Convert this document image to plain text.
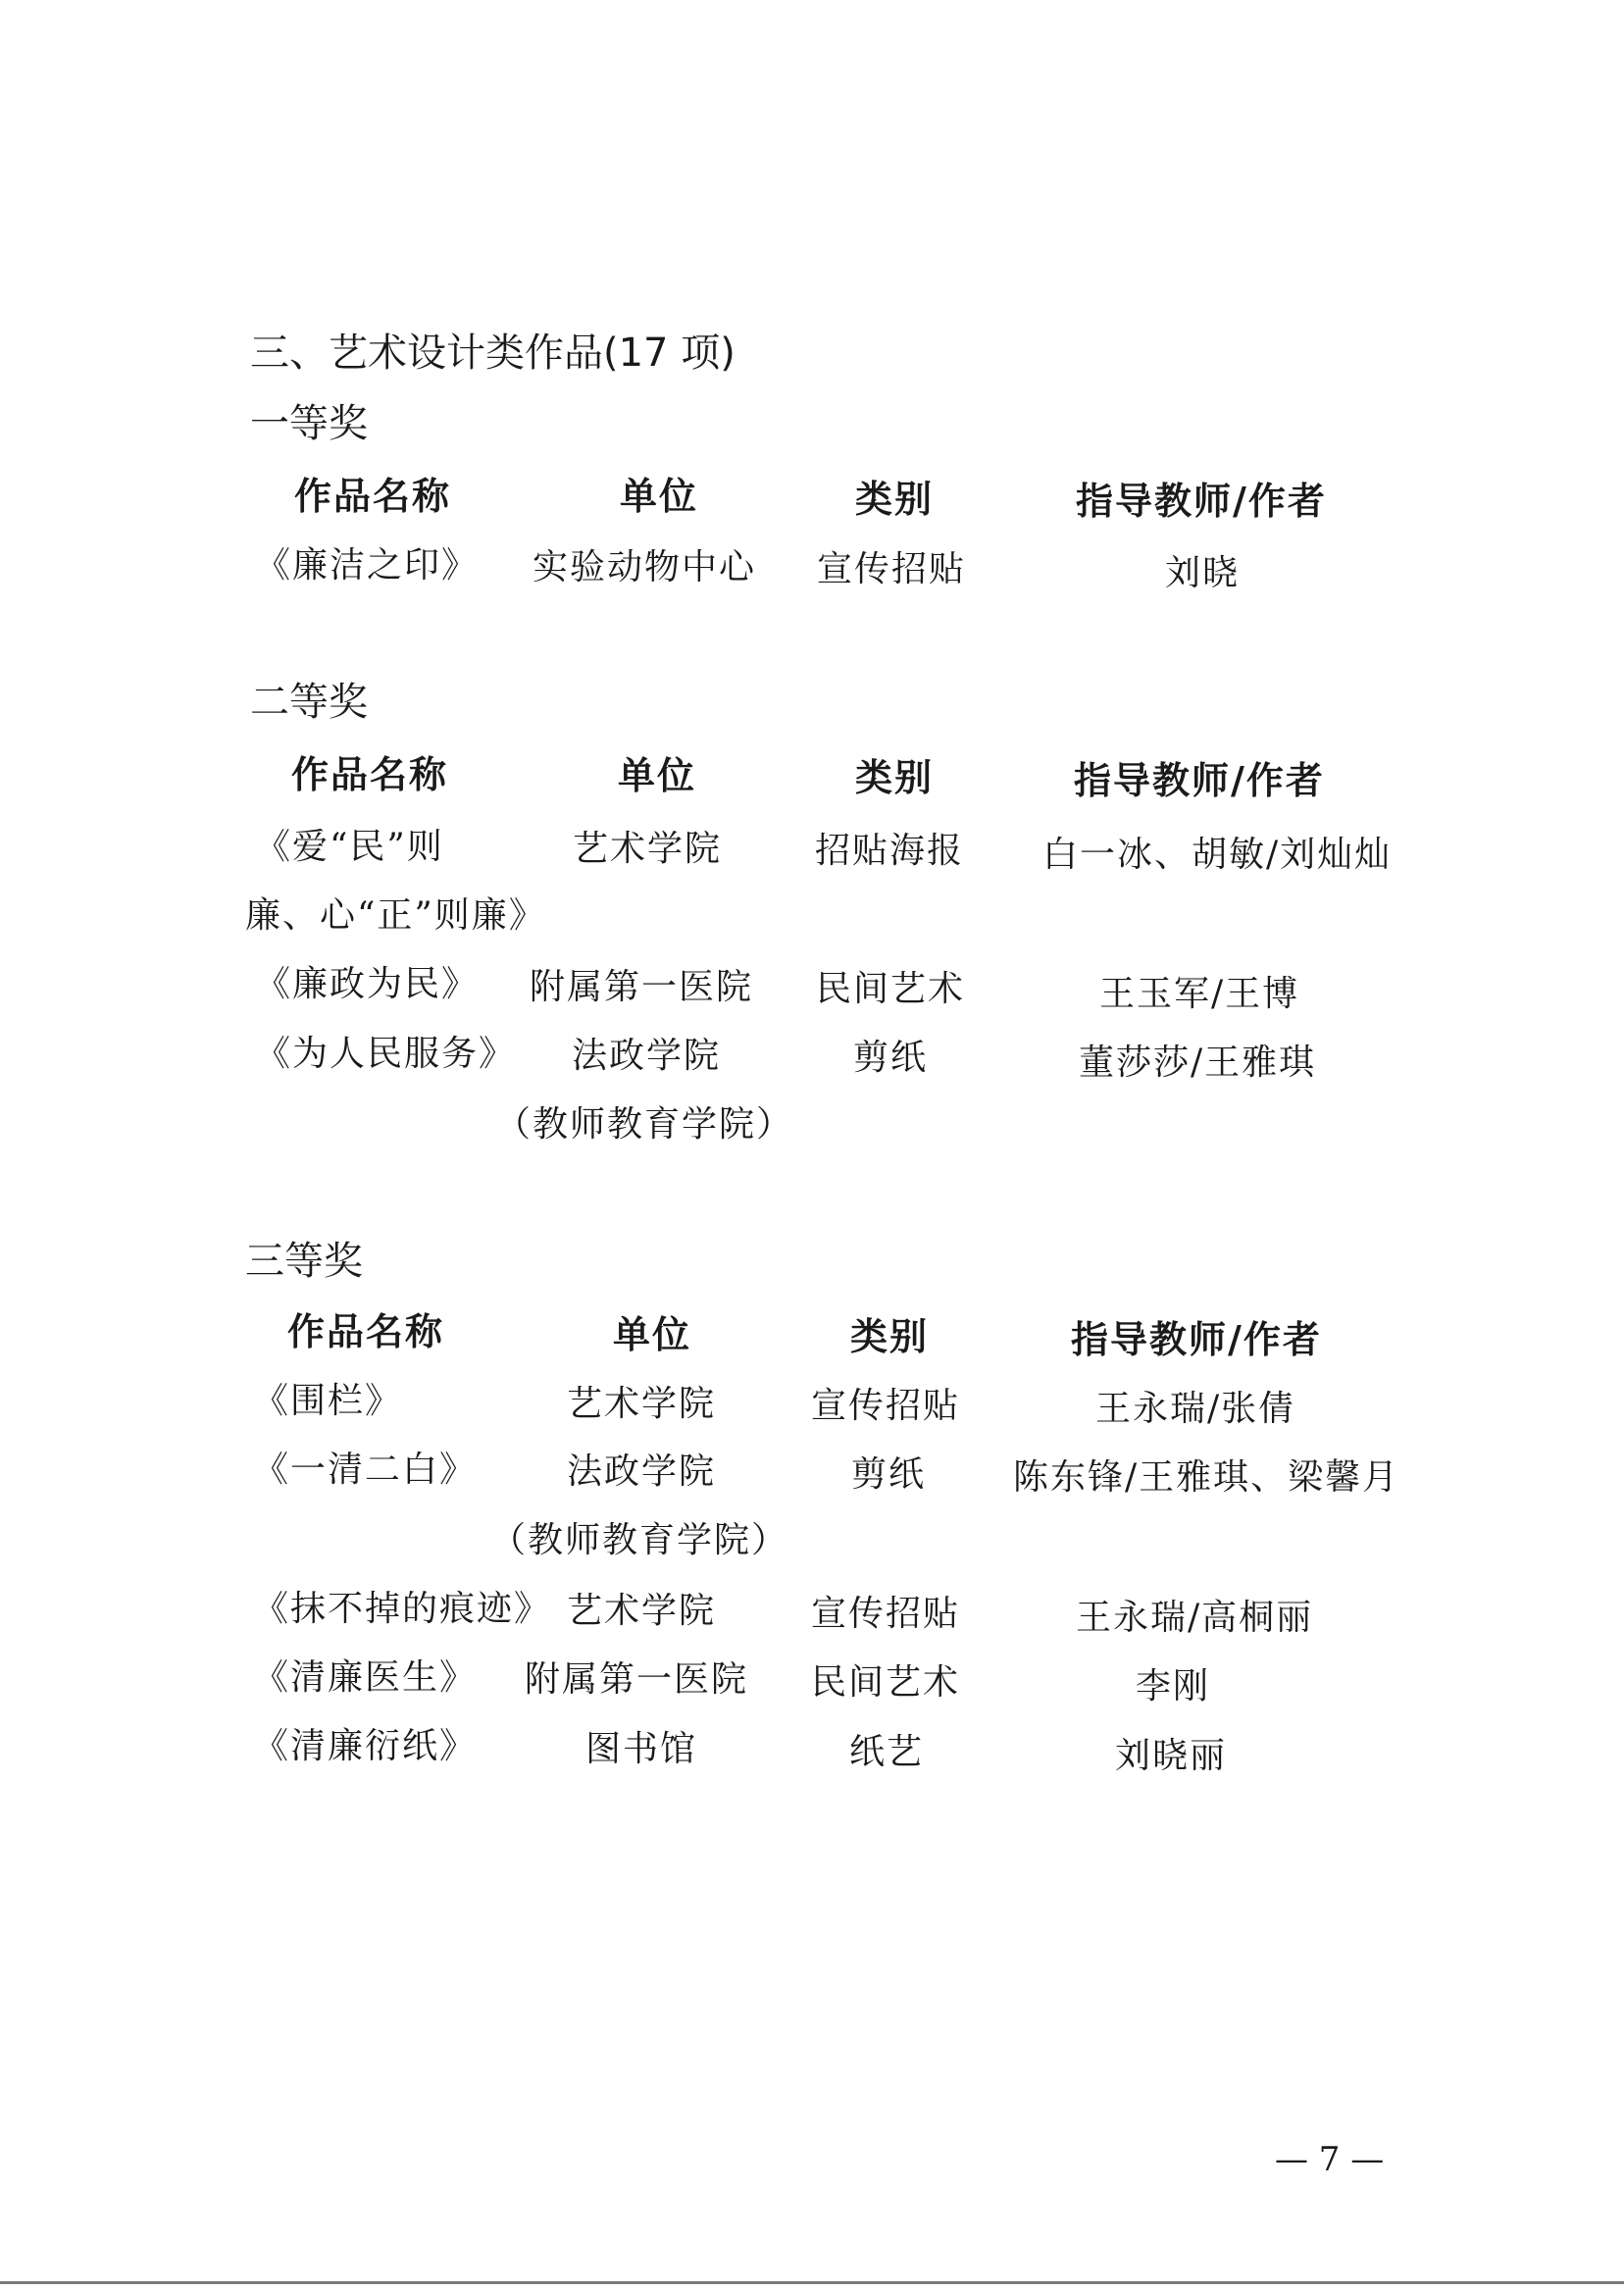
三、艺术设计类作品(17 项)
一等奖
作品名称	单位	类别	指导教师/作者
《廉洁之印》 实验动物中心 宣传招贴	刘晓
二等奖
作品名称	单位	类别	指导教师/作者
《爱“民”则	艺术学院	招贴海报 白一冰、胡敏/刘灿灿
廉、心“正”则廉》
《廉政为民》 附属第一医院 民间艺术	王玉军/王博
《为人民服务》 法政学院	剪纸	董莎莎/王雅琪
（教师教育学院）
三等奖
作品名称	单位	类别	指导教师/作者
《围栏》	艺术学院	宣传招贴	王永瑞/张倩
《一清二白》	法政学院	剪纸 陈东锋/王雅琪、梁馨月
（教师教育学院）
《抹不掉的痕迹》 艺术学院	宣传招贴	王永瑞/高桐丽
《清廉医生》 附属第一医院 民间艺术	李刚
《清廉衍纸》	图书馆	纸艺	刘晓丽
— 7 —
